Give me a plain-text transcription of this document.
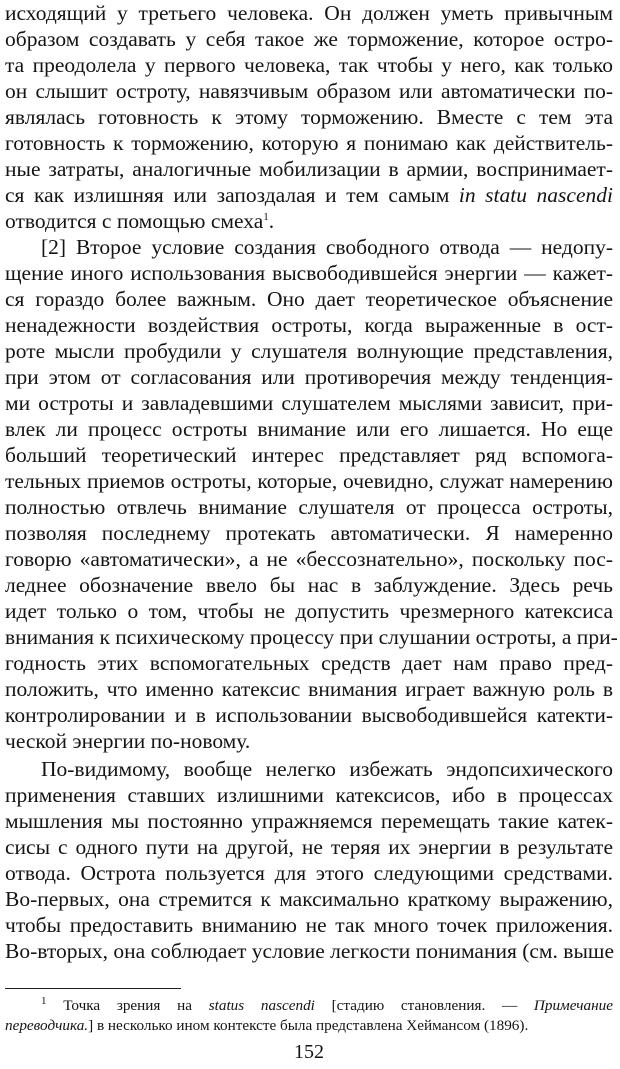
исходящий у третьего человека. Он должен уметь привычным
образом создавать у себя такое же торможение, которое остро-
та преодолела у первого человека, так чтобы у него, как только
он слышит остроту, навязчивым образом или автоматически по-
являлась готовность к этому торможению. Вместе с тем эта
готовность к торможению, которую я понимаю как действитель-
ные затраты, аналогичные мобилизации в армии, воспринимает-
ся как излишняя или запоздалая и тем самым in statu nascendi
отводится с помощью смеха$^1$.
[2] Второе условие создания свободного отвода — недопу-
щение иного использования высвободившейся энергии — кажет-
ся гораздо более важным. Оно дает теоретическое объяснение
ненадежности воздействия остроты, когда выраженные в ост-
роте мысли пробудили у слушателя волнующие представления,
при этом от согласования или противоречия между тенденция-
ми остроты и завладевшими слушателем мыслями зависит, при-
влек ли процесс остроты внимание или его лишается. Но еще
больший теоретический интерес представляет ряд вспомога-
тельных приемов остроты, которые, очевидно, служат намерению
полностью отвлечь внимание слушателя от процесса остроты,
позволяя последнему протекать автоматически. Я намеренно
говорю «автоматически», а не «бессознательно», поскольку пос-
леднее обозначение ввело бы нас в заблуждение. Здесь речь
идет только о том, чтобы не допустить чрезмерного катексиса
внимания к психическому процессу при слушании остроты, а при-
годность этих вспомогательных средств дает нам право пред-
положить, что именно катексис внимания играет важную роль в
контролировании и в использовании высвободившейся катекти-
ческой энергии по-новому.
По-видимому, вообще нелегко избежать эндопсихического
применения ставших излишними катексисов, ибо в процессах
мышления мы постоянно упражняемся перемещать такие катек-
сисы с одного пути на другой, не теряя их энергии в результате
отвода. Острота пользуется для этого следующими средствами.
Во-первых, она стремится к максимально краткому выражению,
чтобы предоставить вниманию не так много точек приложения.
Во-вторых, она соблюдает условие легкости понимания (см. выше
$^1$ Точка зрения на status nascendi [стадию становления. — Примечание
переводчика.] в несколько ином контексте была представлена Хеймансом (1896).
152
